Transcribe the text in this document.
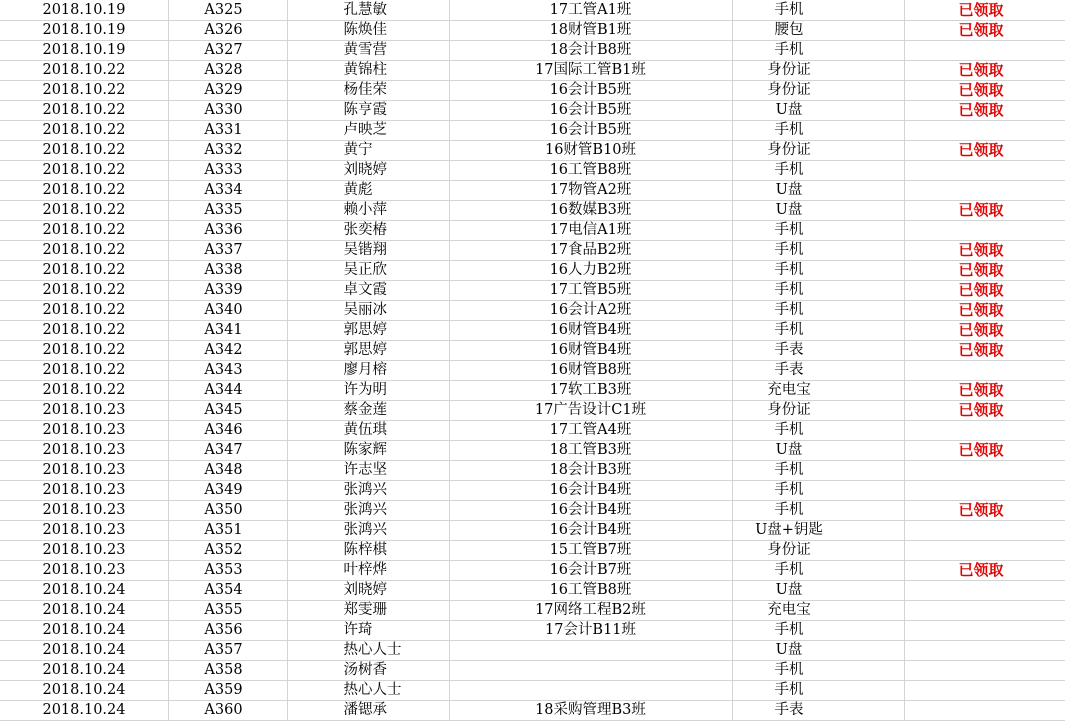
2018.10.19	A325	孔慧敏	17工管A1班	手机	已领取
2018.10.19	A326	陈焕佳	18财管B1班	腰包	已领取
2018.10.19	A327	黄雪营	18会计B8班	手机	
2018.10.22	A328	黄锦柱	17国际工管B1班	身份证	已领取
2018.10.22	A329	杨佳荣	16会计B5班	身份证	已领取
2018.10.22	A330	陈亨霞	16会计B5班	U盘	已领取
2018.10.22	A331	卢映芝	16会计B5班	手机	
2018.10.22	A332	黄宁	16财管B10班	身份证	已领取
2018.10.22	A333	刘晓婷	16工管B8班	手机	
2018.10.22	A334	黄彪	17物管A2班	U盘	
2018.10.22	A335	赖小萍	16数媒B3班	U盘	已领取
2018.10.22	A336	张奕椿	17电信A1班	手机	
2018.10.22	A337	吴锴翔	17食品B2班	手机	已领取
2018.10.22	A338	吴正欣	16人力B2班	手机	已领取
2018.10.22	A339	卓文霞	17工管B5班	手机	已领取
2018.10.22	A340	吴丽冰	16会计A2班	手机	已领取
2018.10.22	A341	郭思婷	16财管B4班	手机	已领取
2018.10.22	A342	郭思婷	16财管B4班	手表	已领取
2018.10.22	A343	廖月榕	16财管B8班	手表	
2018.10.22	A344	许为明	17软工B3班	充电宝	已领取
2018.10.23	A345	蔡金莲	17广告设计C1班	身份证	已领取
2018.10.23	A346	黄伍琪	17工管A4班	手机	
2018.10.23	A347	陈家辉	18工管B3班	U盘	已领取
2018.10.23	A348	许志坚	18会计B3班	手机	
2018.10.23	A349	张鸿兴	16会计B4班	手机	
2018.10.23	A350	张鸿兴	16会计B4班	手机	已领取
2018.10.23	A351	张鸿兴	16会计B4班	U盘+钥匙	
2018.10.23	A352	陈梓棋	15工管B7班	身份证	
2018.10.23	A353	叶梓烨	16会计B7班	手机	已领取
2018.10.24	A354	刘晓婷	16工管B8班	U盘	
2018.10.24	A355	郑雯珊	17网络工程B2班	充电宝	
2018.10.24	A356	许琦	17会计B11班	手机	
2018.10.24	A357	热心人士		U盘	
2018.10.24	A358	汤树香		手机	
2018.10.24	A359	热心人士		手机	
2018.10.24	A360	潘锶承	18采购管理B3班	手表	
